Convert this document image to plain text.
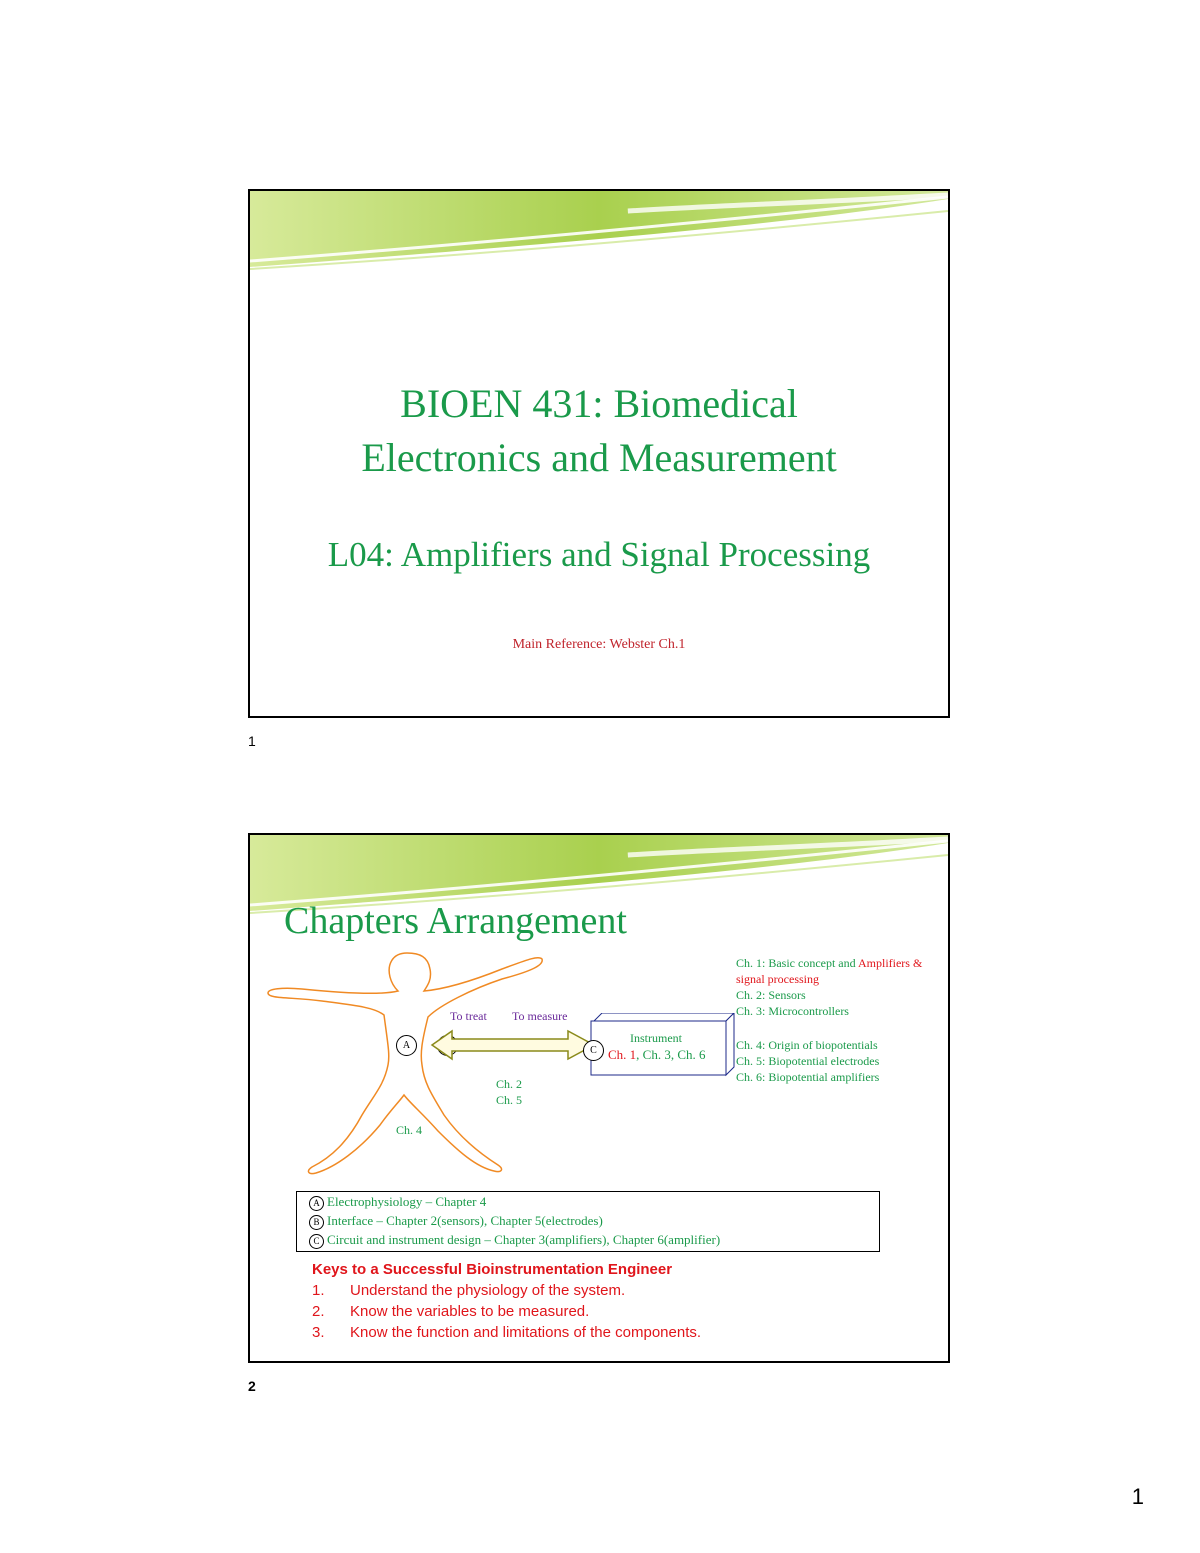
BIOEN 431: Biomedical
Electronics and Measurement
L04: Amplifiers and Signal Processing
Main Reference: Webster Ch.1
1
Chapters Arrangement
A
To treat To measure
C
Instrument
Ch. 1, Ch. 3, Ch. 6
Ch. 2
Ch. 5
Ch. 4
Ch. 1: Basic concept and Amplifiers &
signal processing
Ch. 2: Sensors
Ch. 3: Microcontrollers
Ch. 4: Origin of biopotentials
Ch. 5: Biopotential electrodes
Ch. 6: Biopotential amplifiers
A Electrophysiology – Chapter 4
B Interface – Chapter 2(sensors), Chapter 5(electrodes)
C Circuit and instrument design – Chapter 3(amplifiers), Chapter 6(amplifier)
Keys to a Successful Bioinstrumentation Engineer
1. Understand the physiology of the system.
2. Know the variables to be measured.
3. Know the function and limitations of the components.
2
1
